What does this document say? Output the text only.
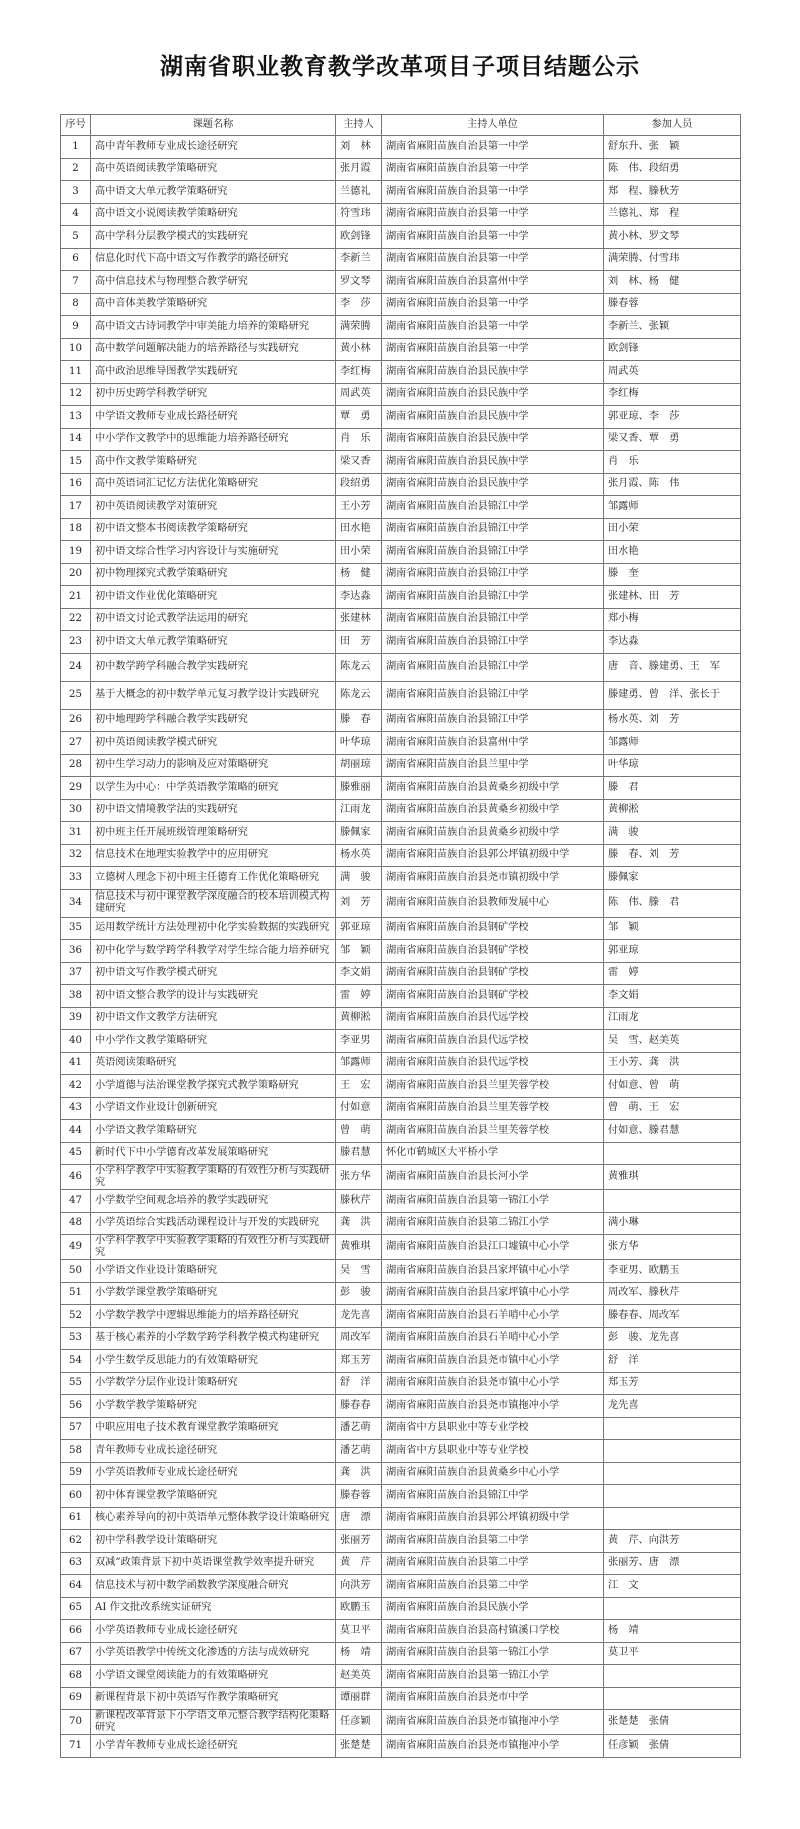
湖南省职业教育教学改革项目子项目结题公示
序号	课题名称	主持人	主持人单位	参加人员
1	高中青年教师专业成长途径研究	刘　林	湖南省麻阳苗族自治县第一中学	舒东升、张　颖
2	高中英语阅读教学策略研究	张月霞	湖南省麻阳苗族自治县第一中学	陈　伟、段绍勇
3	高中语文大单元教学策略研究	兰德礼	湖南省麻阳苗族自治县第一中学	郑　程、滕秋芳
4	高中语文小说阅读教学策略研究	符雪玮	湖南省麻阳苗族自治县第一中学	兰德礼、郑　程
5	高中学科分层教学模式的实践研究	欧剑锋	湖南省麻阳苗族自治县第一中学	黄小林、罗文琴
6	信息化时代下高中语文写作教学的路径研究	李新兰	湖南省麻阳苗族自治县第一中学	满荣腾、付雪玮
7	高中信息技术与物理整合教学研究	罗文琴	湖南省麻阳苗族自治县富州中学	刘　林、杨　健
8	高中音体美教学策略研究	李　莎	湖南省麻阳苗族自治县第一中学	滕春蓉
9	高中语文古诗词教学中审美能力培养的策略研究	满荣腾	湖南省麻阳苗族自治县第一中学	李新兰、张颖
10	高中数学问题解决能力的培养路径与实践研究	黄小林	湖南省麻阳苗族自治县第一中学	欧剑锋
11	高中政治思维导图教学实践研究	李红梅	湖南省麻阳苗族自治县民族中学	周武英
12	初中历史跨学科教学研究	周武英	湖南省麻阳苗族自治县民族中学	李红梅
13	中学语文教师专业成长路径研究	覃　勇	湖南省麻阳苗族自治县民族中学	郭亚琼、李　莎
14	中小学作文教学中的思维能力培养路径研究	肖　乐	湖南省麻阳苗族自治县民族中学	梁又香、覃　勇
15	高中作文教学策略研究	梁又香	湖南省麻阳苗族自治县民族中学	肖　乐
16	高中英语词汇记忆方法优化策略研究	段绍勇	湖南省麻阳苗族自治县民族中学	张月霞、陈　伟
17	初中英语阅读教学对策研究	王小芳	湖南省麻阳苗族自治县锦江中学	邹露师
18	初中语文整本书阅读教学策略研究	田水艳	湖南省麻阳苗族自治县锦江中学	田小荣
19	初中语文综合性学习内容设计与实施研究	田小荣	湖南省麻阳苗族自治县锦江中学	田水艳
20	初中物理探究式教学策略研究	杨　健	湖南省麻阳苗族自治县锦江中学	滕　奎
21	初中语文作业优化策略研究	李达淼	湖南省麻阳苗族自治县锦江中学	张建林、田　芳
22	初中语文讨论式教学法运用的研究	张建林	湖南省麻阳苗族自治县锦江中学	郑小梅
23	初中语文大单元教学策略研究	田　芳	湖南省麻阳苗族自治县锦江中学	李达淼
24	初中数学跨学科融合教学实践研究	陈龙云	湖南省麻阳苗族自治县锦江中学	唐　音、滕建勇、王　军
25	基于大概念的初中数学单元复习教学设计实践研究	陈龙云	湖南省麻阳苗族自治县锦江中学	滕建勇、曾　洋、张长于
26	初中地理跨学科融合教学实践研究	滕　春	湖南省麻阳苗族自治县锦江中学	杨水英、刘　芳
27	初中英语阅读教学模式研究	叶华琼	湖南省麻阳苗族自治县富州中学	邹露师
28	初中生学习动力的影响及应对策略研究	胡丽琼	湖南省麻阳苗族自治县兰里中学	叶华琼
29	以学生为中心：中学英语教学策略的研究	滕雅丽	湖南省麻阳苗族自治县黄桑乡初级中学	滕　君
30	初中语文情境教学法的实践研究	江雨龙	湖南省麻阳苗族自治县黄桑乡初级中学	黄柳淞
31	初中班主任开展班级管理策略研究	滕佩家	湖南省麻阳苗族自治县黄桑乡初级中学	满　骏
32	信息技术在地理实验教学中的应用研究	杨水英	湖南省麻阳苗族自治县郭公坪镇初级中学	滕　春、刘　芳
33	立德树人理念下初中班主任德育工作优化策略研究	满　骏	湖南省麻阳苗族自治县尧市镇初级中学	滕佩家
34	信息技术与初中课堂教学深度融合的校本培训模式构建研究	刘　芳	湖南省麻阳苗族自治县教师发展中心	陈　伟、滕　君
35	运用数学统计方法处理初中化学实验数据的实践研究	郭亚琼	湖南省麻阳苗族自治县钢矿学校	邹　颖
36	初中化学与数学跨学科教学对学生综合能力培养研究	邹　颖	湖南省麻阳苗族自治县钢矿学校	郭亚琼
37	初中语文写作教学模式研究	李文娟	湖南省麻阳苗族自治县钢矿学校	雷　婷
38	初中语文整合教学的设计与实践研究	雷　婷	湖南省麻阳苗族自治县钢矿学校	李文娟
39	初中语文作文教学方法研究	黄柳淞	湖南省麻阳苗族自治县代远学校	江雨龙
40	中小学作文教学策略研究	李亚男	湖南省麻阳苗族自治县代远学校	吴　雪、赵美英
41	英语阅读策略研究	邹露师	湖南省麻阳苗族自治县代远学校	王小芳、龚　洪
42	小学道德与法治课堂教学探究式教学策略研究	王　宏	湖南省麻阳苗族自治县兰里芙蓉学校	付如意、曾　萌
43	小学语文作业设计创新研究	付如意	湖南省麻阳苗族自治县兰里芙蓉学校	曾　萌、王　宏
44	小学语文教学策略研究	曾　萌	湖南省麻阳苗族自治县兰里芙蓉学校	付如意、滕君慧
45	新时代下中小学德育改革发展策略研究	滕君慧	怀化市鹤城区大平桥小学	
46	小学科学教学中实验教学策略的有效性分析与实践研究	张方华	湖南省麻阳苗族自治县长河小学	黄雅琪
47	小学数学空间观念培养的教学实践研究	滕秋芹	湖南省麻阳苗族自治县第一锦江小学	
48	小学英语综合实践活动课程设计与开发的实践研究	龚　洪	湖南省麻阳苗族自治县第二锦江小学	满小琳
49	小学科学教学中实验教学策略的有效性分析与实践研究	黄雅琪	湖南省麻阳苗族自治县江口墟镇中心小学	张方华
50	小学语文作业设计策略研究	吴　雪	湖南省麻阳苗族自治县吕家坪镇中心小学	李亚男、欧鹏玉
51	小学数学课堂教学策略研究	彭　骏	湖南省麻阳苗族自治县吕家坪镇中心小学	周改军、滕秋芹
52	小学数学教学中逻辑思维能力的培养路径研究	龙先喜	湖南省麻阳苗族自治县石羊哨中心小学	滕春春、周改军
53	基于核心素养的小学数学跨学科教学模式构建研究	周改军	湖南省麻阳苗族自治县石羊哨中心小学	彭　骏、龙先喜
54	小学生数学反思能力的有效策略研究	郑玉芳	湖南省麻阳苗族自治县尧市镇中心小学	舒　洋
55	小学数学分层作业设计策略研究	舒　洋	湖南省麻阳苗族自治县尧市镇中心小学	郑玉芳
56	小学数学教学策略研究	滕春春	湖南省麻阳苗族自治县尧市镇拖冲小学	龙先喜
57	中职应用电子技术教育课堂教学策略研究	潘艺萌	湖南省中方县职业中等专业学校	
58	青年教师专业成长途径研究	潘艺萌	湖南省中方县职业中等专业学校	
59	小学英语教师专业成长途径研究	龚　洪	湖南省麻阳苗族自治县黄桑乡中心小学	
60	初中体育课堂教学策略研究	滕春蓉	湖南省麻阳苗族自治县锦江中学	
61	核心素养导向的初中英语单元整体教学设计策略研究	唐　漂	湖南省麻阳苗族自治县郭公坪镇初级中学	
62	初中学科教学设计策略研究	张丽芳	湖南省麻阳苗族自治县第二中学	黄　芹、向洪芳
63	双减”政策背景下初中英语课堂教学效率提升研究	黄　芹	湖南省麻阳苗族自治县第二中学	张丽芳、唐　漂
64	信息技术与初中数学函数教学深度融合研究	向洪芳	湖南省麻阳苗族自治县第二中学	江　文
65	AI 作文批改系统实证研究	欧鹏玉	湖南省麻阳苗族自治县民族小学	
66	小学英语教师专业成长途径研究	莫卫平	湖南省麻阳苗族自治县高村镇溪口学校	杨　靖
67	小学英语教学中传统文化渗透的方法与成效研究	杨　靖	湖南省麻阳苗族自治县第一锦江小学	莫卫平
68	小学语文课堂阅读能力的有效策略研究	赵美英	湖南省麻阳苗族自治县第一锦江小学	
69	新课程背景下初中英语写作教学策略研究	谭丽群	湖南省麻阳苗族自治县尧市中学	
70	新课程改革背景下小学语文单元整合教学结构化策略研究	任彦颖	湖南省麻阳苗族自治县尧市镇拖冲小学	张楚楚　张倩
71	小学青年教师专业成长途径研究	张楚楚	湖南省麻阳苗族自治县尧市镇拖冲小学	任彦颖　张倩
